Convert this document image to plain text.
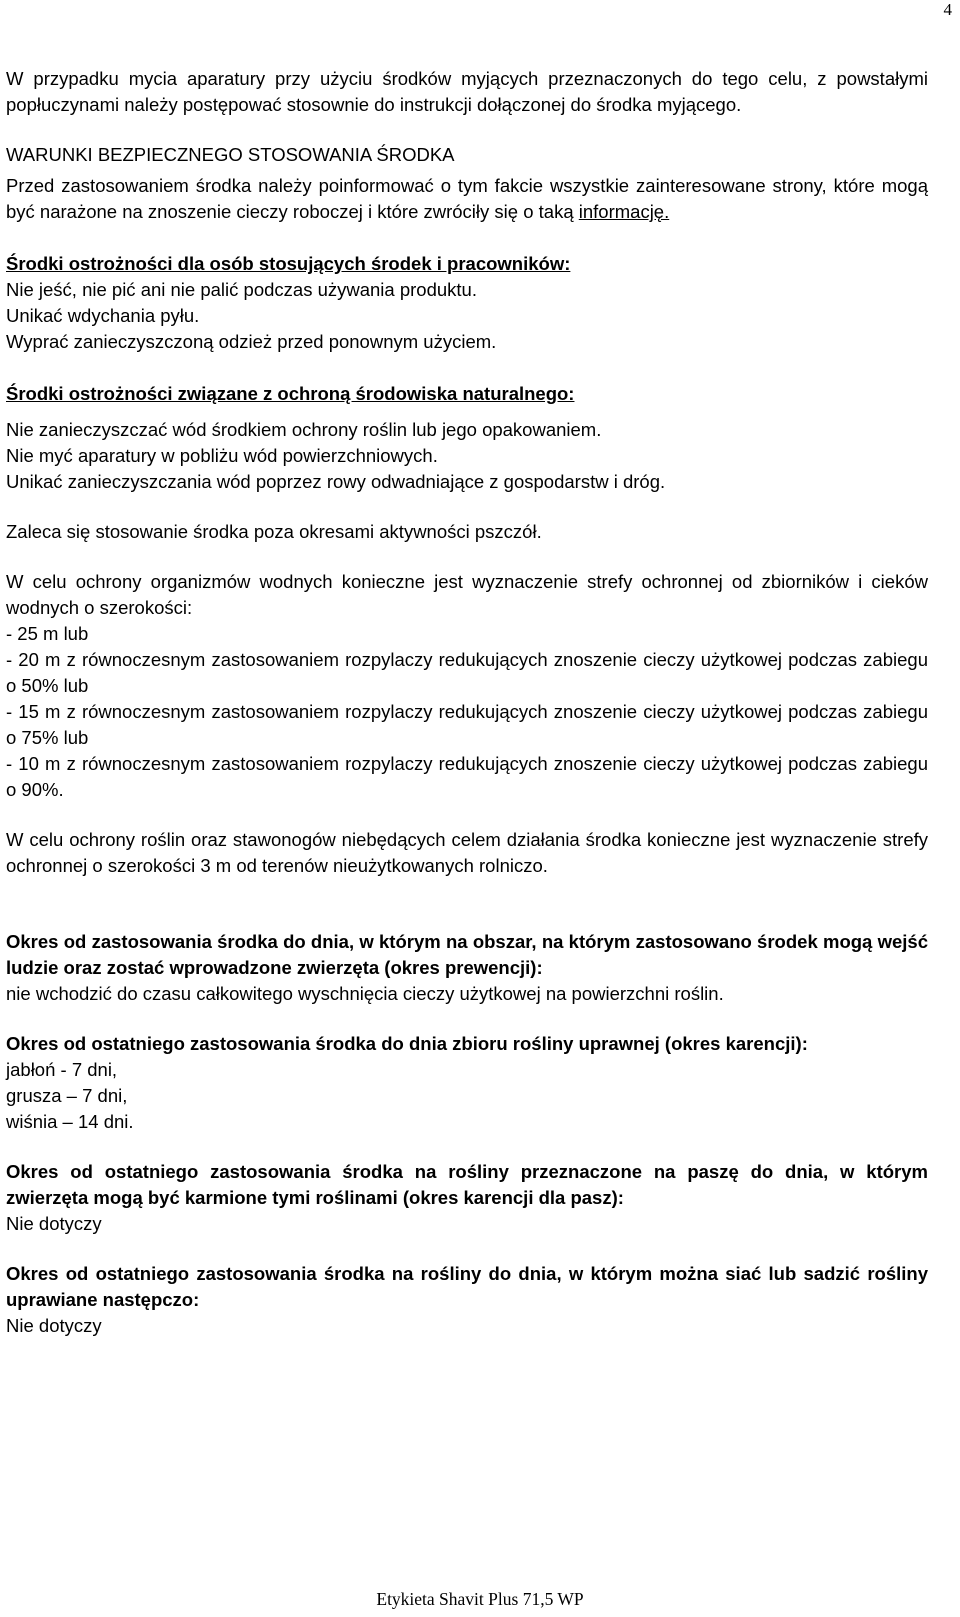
4

W przypadku mycia aparatury przy użyciu środków myjących przeznaczonych do tego celu, z powstałymi popłuczynami należy postępować stosownie do instrukcji dołączonej do środka myjącego.

WARUNKI BEZPIECZNEGO STOSOWANIA ŚRODKA

Przed zastosowaniem środka należy poinformować o tym fakcie wszystkie zainteresowane strony, które mogą być narażone na znoszenie cieczy roboczej i które zwróciły się o taką informację.

Środki ostrożności dla osób stosujących środek i pracowników:

Nie jeść, nie pić ani nie palić podczas używania produktu.

Unikać wdychania pyłu.

Wyprać zanieczyszczoną odzież przed ponownym użyciem.

Środki ostrożności związane z ochroną środowiska naturalnego:

Nie zanieczyszczać wód środkiem ochrony roślin lub jego opakowaniem.

Nie myć aparatury w pobliżu wód powierzchniowych.

Unikać zanieczyszczania wód poprzez rowy odwadniające z gospodarstw i dróg.

Zaleca się stosowanie środka poza okresami aktywności pszczół.

W celu ochrony organizmów wodnych konieczne jest wyznaczenie strefy ochronnej od zbiorników i cieków wodnych o szerokości:

- 25 m lub

- 20 m z równoczesnym zastosowaniem rozpylaczy redukujących znoszenie cieczy użytkowej podczas zabiegu o 50% lub

- 15 m z równoczesnym zastosowaniem rozpylaczy redukujących znoszenie cieczy użytkowej podczas zabiegu o 75% lub

- 10 m z równoczesnym zastosowaniem rozpylaczy redukujących znoszenie cieczy użytkowej podczas zabiegu o 90%.

W celu ochrony roślin oraz stawonogów niebędących celem działania środka konieczne jest wyznaczenie strefy ochronnej o szerokości 3 m od terenów nieużytkowanych rolniczo.

Okres od zastosowania środka do dnia, w którym na obszar, na którym zastosowano środek mogą wejść ludzie oraz zostać wprowadzone zwierzęta (okres prewencji):

nie wchodzić do czasu całkowitego wyschnięcia cieczy użytkowej na powierzchni roślin.

Okres od ostatniego zastosowania środka do dnia zbioru rośliny uprawnej (okres karencji):

jabłoń - 7 dni,

grusza – 7 dni,

wiśnia – 14 dni.

Okres od ostatniego zastosowania środka na rośliny przeznaczone na paszę do dnia, w którym zwierzęta mogą być karmione tymi roślinami (okres karencji dla pasz):

Nie dotyczy

Okres od ostatniego zastosowania środka na rośliny do dnia, w którym można siać lub sadzić rośliny uprawiane następczo:

Nie dotyczy

Etykieta Shavit Plus 71,5 WP
